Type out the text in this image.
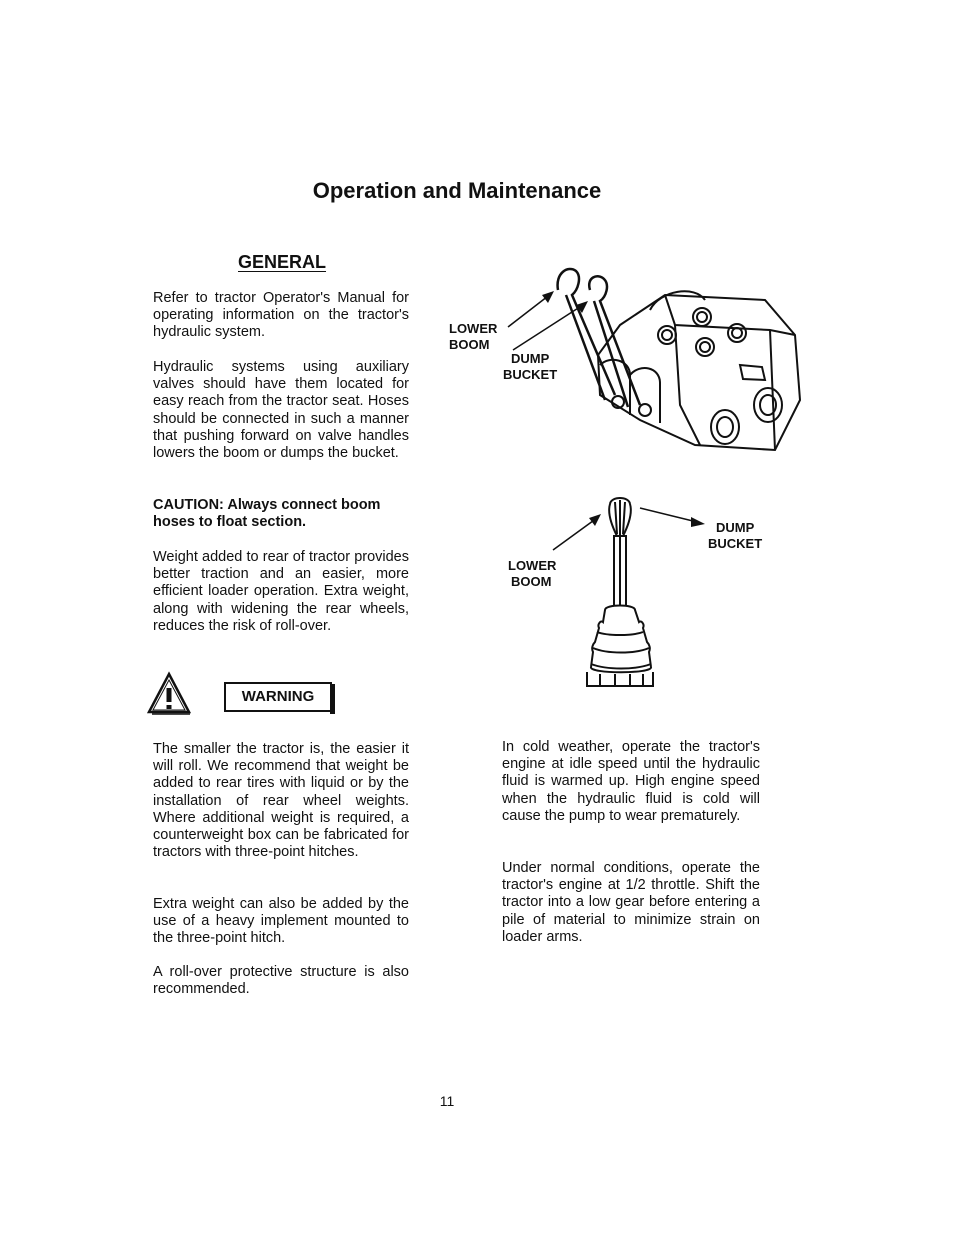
Operation and Maintenance
GENERAL
Refer to tractor Operator's Manual for operating information on the tractor's hydraulic system.
Hydraulic systems using auxiliary valves should have them located for easy reach from the tractor seat. Hoses should be connected in such a manner that pushing forward on valve handles lowers the boom or dumps the bucket.
CAUTION: Always connect boom hoses to float section.
Weight added to rear of tractor provides better traction and an easier, more efficient loader operation. Extra weight, along with widening the rear wheels, reduces the risk of roll-over.
WARNING
The smaller the tractor is, the easier it will roll. We recommend that weight be added to rear tires with liquid or by the installation of rear wheel weights. Where additional weight is required, a counterweight box can be fabricated for tractors with three-point hitches.
Extra weight can also be added by the use of a heavy implement mounted to the three-point hitch.
A roll-over protective structure is also recommended.
In cold weather, operate the tractor's engine at idle speed until the hydraulic fluid is warmed up. High engine speed when the hydraulic fluid is cold will cause the pump to wear prematurely.
Under normal conditions, operate the tractor's engine at 1/2 throttle. Shift the tractor into a low gear before entering a pile of material to minimize strain on loader arms.
LOWER
BOOM
DUMP
BUCKET
LOWER
BOOM
DUMP
BUCKET
11
